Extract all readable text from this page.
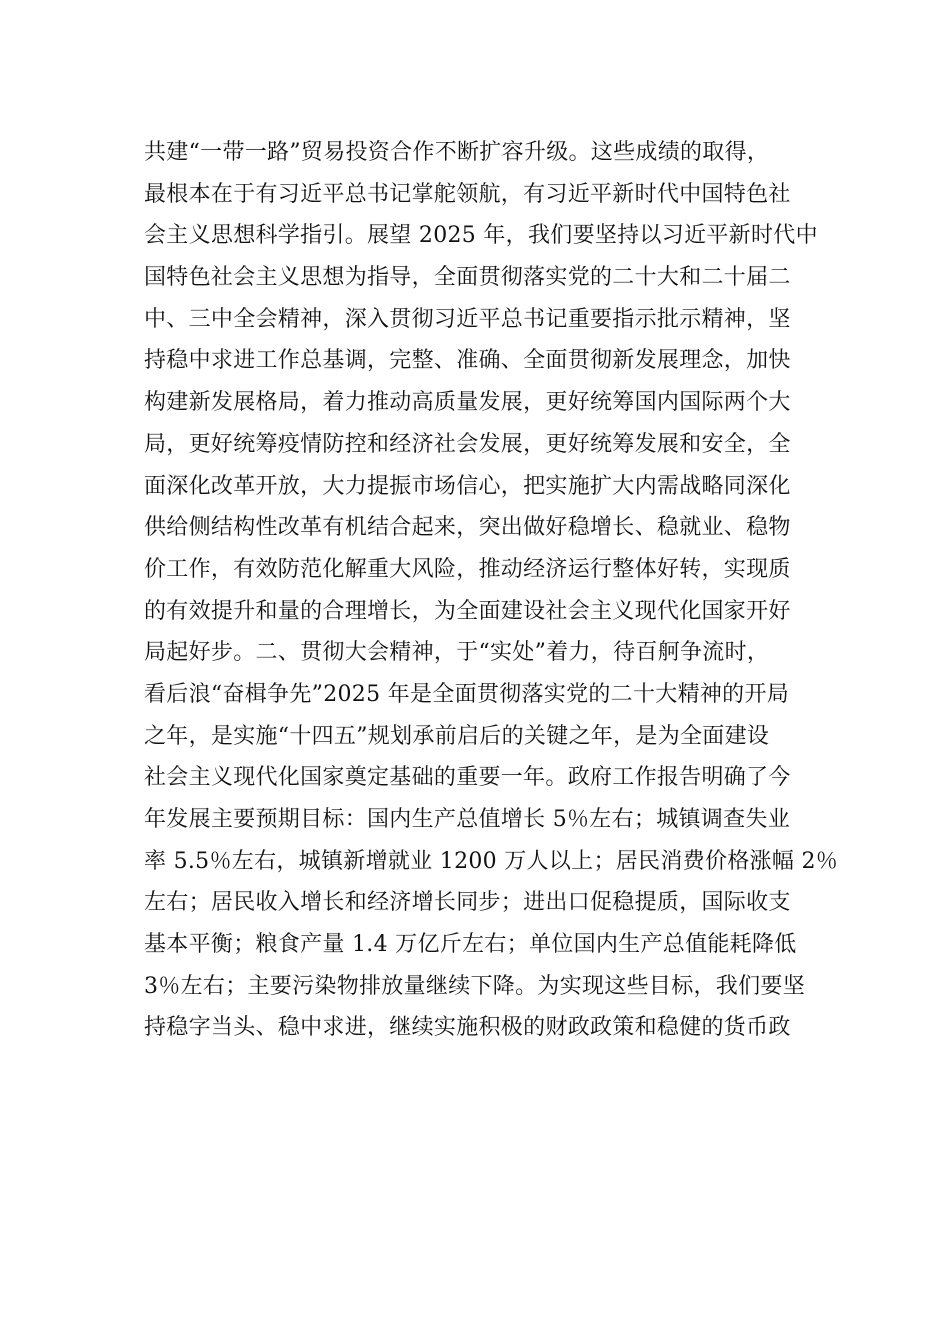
共建“一带一路”贸易投资合作不断扩容升级。这些成绩的取得，
最根本在于有习近平总书记掌舵领航，有习近平新时代中国特色社
会主义思想科学指引。展望 2025 年，我们要坚持以习近平新时代中
国特色社会主义思想为指导，全面贯彻落实党的二十大和二十届二
中、三中全会精神，深入贯彻习近平总书记重要指示批示精神，坚
持稳中求进工作总基调，完整、准确、全面贯彻新发展理念，加快
构建新发展格局，着力推动高质量发展，更好统筹国内国际两个大
局，更好统筹疫情防控和经济社会发展，更好统筹发展和安全，全
面深化改革开放，大力提振市场信心，把实施扩大内需战略同深化
供给侧结构性改革有机结合起来，突出做好稳增长、稳就业、稳物
价工作，有效防范化解重大风险，推动经济运行整体好转，实现质
的有效提升和量的合理增长，为全面建设社会主义现代化国家开好
局起好步。二、贯彻大会精神，于“实处”着力，待百舸争流时，
看后浪“奋楫争先”2025 年是全面贯彻落实党的二十大精神的开局
之年，是实施“十四五”规划承前启后的关键之年，是为全面建设
社会主义现代化国家奠定基础的重要一年。政府工作报告明确了今
年发展主要预期目标：国内生产总值增长 5％左右；城镇调查失业
率 5.5％左右，城镇新增就业 1200 万人以上；居民消费价格涨幅 2％
左右；居民收入增长和经济增长同步；进出口促稳提质，国际收支
基本平衡；粮食产量 1.4 万亿斤左右；单位国内生产总值能耗降低
3％左右；主要污染物排放量继续下降。为实现这些目标，我们要坚
持稳字当头、稳中求进，继续实施积极的财政政策和稳健的货币政
